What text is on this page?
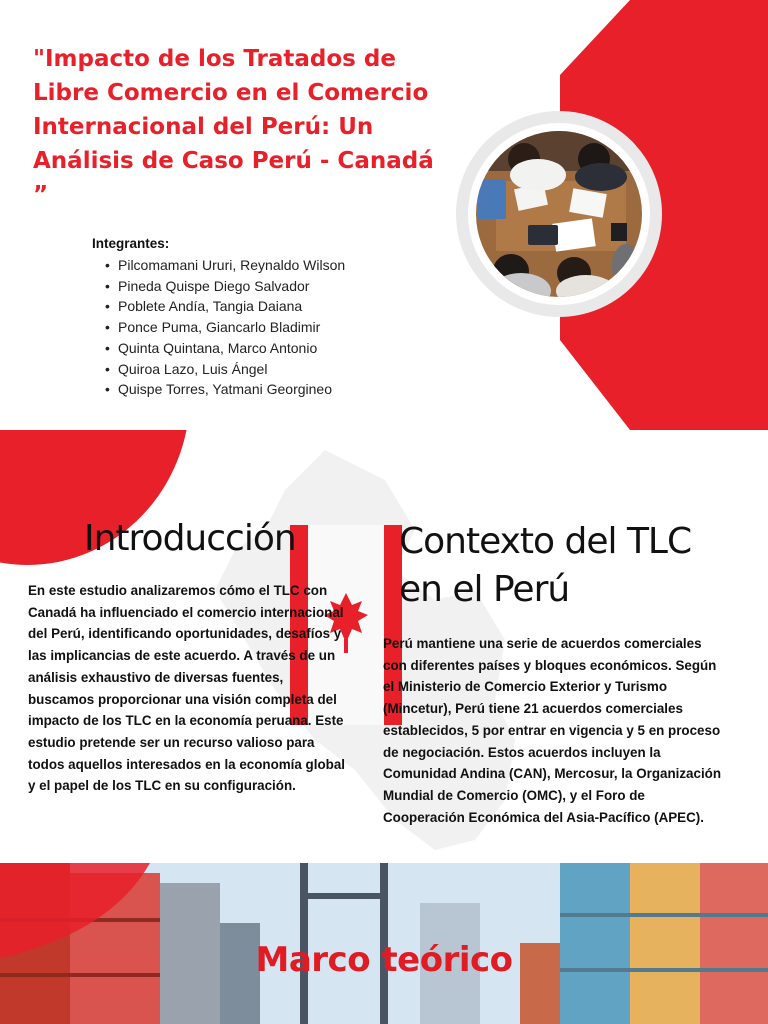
"Impacto de los Tratados de Libre Comercio en el Comercio Internacional del Perú: Un Análisis de Caso Perú - Canadá ”

Integrantes:

• Pilcomamani Ururi, Reynaldo Wilson
• Pineda Quispe Diego Salvador
• Poblete Andía, Tangia Daiana
• Ponce Puma, Giancarlo Bladimir
• Quinta Quintana, Marco Antonio
• Quiroa Lazo, Luis Ángel
• Quispe Torres, Yatmani Georgineo
Introducción

En este estudio analizaremos cómo el TLC con Canadá ha influenciado el comercio internacional del Perú, identificando oportunidades, desafíos y las implicancias de este acuerdo. A través de un análisis exhaustivo de diversas fuentes, buscamos proporcionar una visión completa del impacto de los TLC en la economía peruana. Este estudio pretende ser un recurso valioso para todos aquellos interesados en la economía global y el papel de los TLC en su configuración.

Contexto del TLC en el Perú

Perú mantiene una serie de acuerdos comerciales con diferentes países y bloques económicos. Según el Ministerio de Comercio Exterior y Turismo (Mincetur), Perú tiene 21 acuerdos comerciales establecidos, 5 por entrar en vigencia y 5 en proceso de negociación. Estos acuerdos incluyen la Comunidad Andina (CAN), Mercosur, la Organización Mundial de Comercio (OMC), y el Foro de Cooperación Económica del Asia-Pacífico (APEC).

Marco teórico
